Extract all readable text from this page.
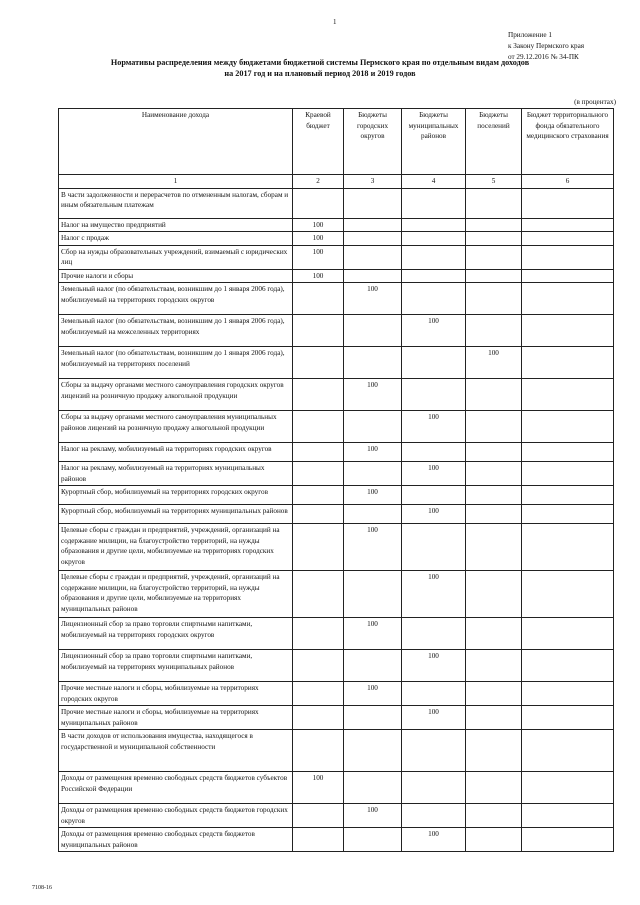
1
Приложение 1
к Закону Пермского края
от 29.12.2016 № 34-ПК
Нормативы распределения между бюджетами бюджетной системы Пермского края по отдельным видам доходов
на 2017 год и на плановый период 2018 и 2019 годов
(в процентах)
Наименование дохода	Краевой бюджет	Бюджеты городских округов	Бюджеты муниципальных районов	Бюджеты поселений	Бюджет территориального фонда обязательного медицинского страхования
1	2	3	4	5	6
В части задолженности и перерасчетов по отмененным налогам, сборам и иным обязательным платежам					
Налог на имущество предприятий	100				
Налог с продаж	100				
Сбор на нужды образовательных учреждений, взимаемый с юридических лиц	100				
Прочие налоги и сборы	100				
Земельный налог (по обязательствам, возникшим до 1 января 2006 года), мобилизуемый на территориях городских округов		100			
Земельный налог (по обязательствам, возникшим до 1 января 2006 года), мобилизуемый на межселенных территориях			100		
Земельный налог (по обязательствам, возникшим до 1 января 2006 года), мобилизуемый на территориях поселений				100	
Сборы за выдачу органами местного самоуправления городских округов лицензий на розничную продажу алкогольной продукции		100			
Сборы за выдачу органами местного самоуправления муниципальных районов лицензий на розничную продажу алкогольной продукции			100		
Налог на рекламу, мобилизуемый на территориях городских округов		100			
Налог на рекламу, мобилизуемый на территориях муниципальных районов			100		
Курортный сбор, мобилизуемый на территориях городских округов		100			
Курортный сбор, мобилизуемый на территориях муниципальных районов			100		
Целевые сборы с граждан и предприятий, учреждений, организаций на содержание милиции, на благоустройство территорий, на нужды образования и другие цели, мобилизуемые на территориях городских округов		100			
Целевые сборы с граждан и предприятий, учреждений, организаций на содержание милиции, на благоустройство территорий, на нужды образования и другие цели, мобилизуемые на территориях муниципальных районов			100		
Лицензионный сбор за право торговли спиртными напитками, мобилизуемый на территориях городских округов		100			
Лицензионный сбор за право торговли спиртными напитками, мобилизуемый на территориях муниципальных районов			100		
Прочие местные налоги и сборы, мобилизуемые на территориях городских округов		100			
Прочие местные налоги и сборы, мобилизуемые на территориях муниципальных районов			100		
В части доходов от использования имущества, находящегося в государственной и муниципальной собственности					
Доходы от размещения временно свободных средств бюджетов субъектов Российской Федерации	100				
Доходы от размещения временно свободных средств бюджетов городских округов		100			
Доходы от размещения временно свободных средств бюджетов муниципальных районов			100		
7108-16
